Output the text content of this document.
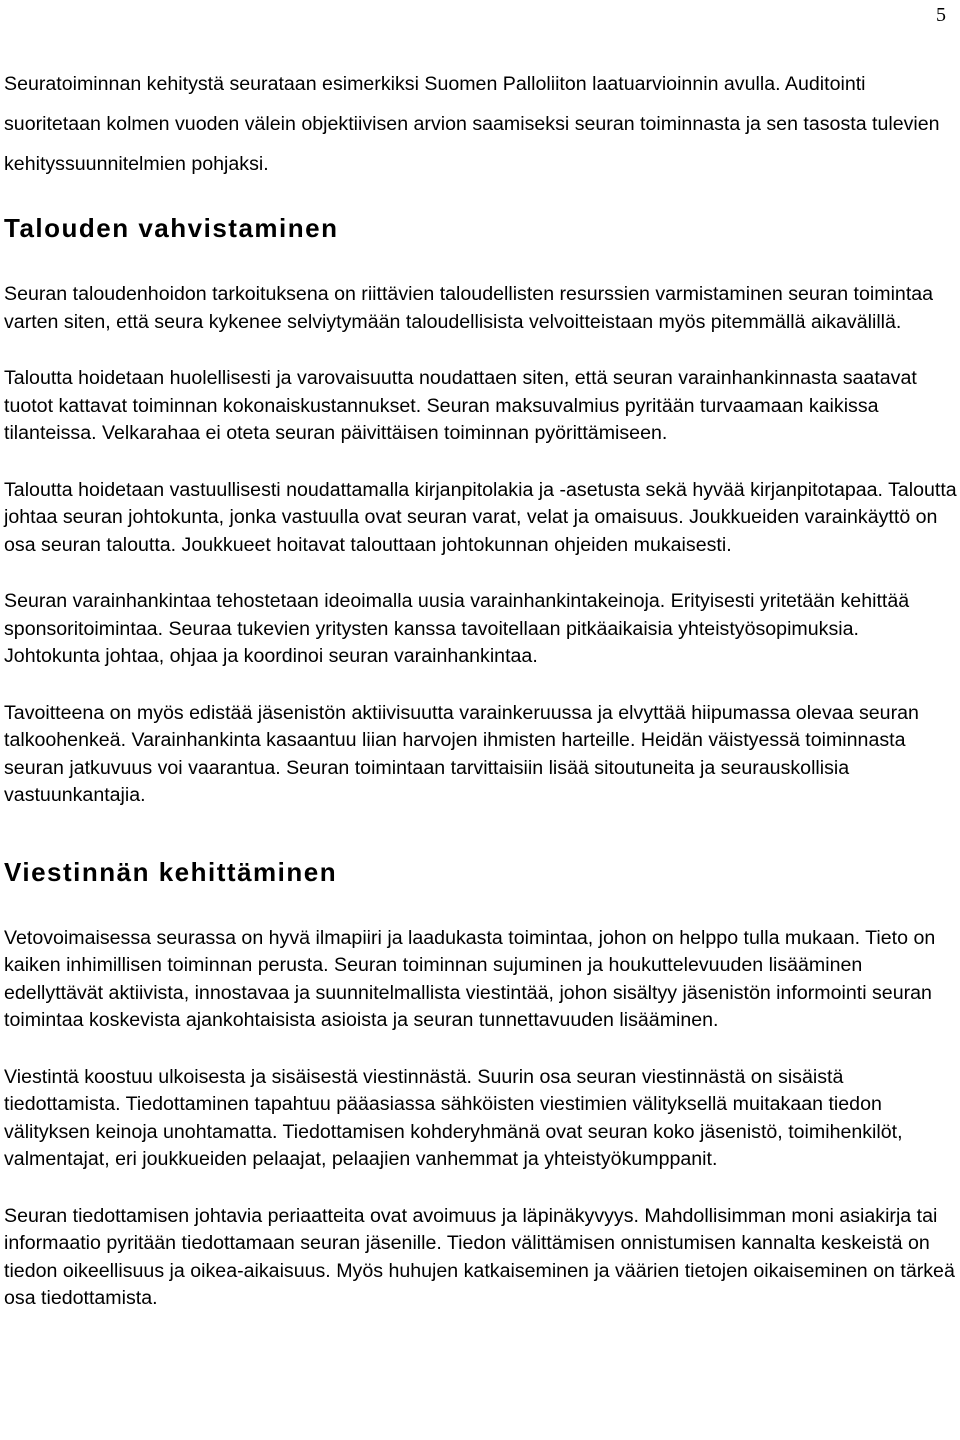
5

Seuratoiminnan kehitystä seurataan esimerkiksi Suomen Palloliiton laatuarvioinnin avulla. Auditointi suoritetaan kolmen vuoden välein objektiivisen arvion saamiseksi seuran toiminnasta ja sen tasosta tulevien kehityssuunnitelmien pohjaksi.

Talouden vahvistaminen

Seuran taloudenhoidon tarkoituksena on riittävien taloudellisten resurssien varmistaminen seuran toimintaa varten siten, että seura kykenee selviytymään taloudellisista velvoitteistaan myös pitemmällä aikavälillä.

Taloutta hoidetaan huolellisesti ja varovaisuutta noudattaen siten, että seuran varainhankinnasta saatavat tuotot kattavat toiminnan kokonaiskustannukset. Seuran maksuvalmius pyritään turvaamaan kaikissa tilanteissa. Velkarahaa ei oteta seuran päivittäisen toiminnan pyörittämiseen.

Taloutta hoidetaan vastuullisesti noudattamalla kirjanpitolakia ja -asetusta sekä hyvää kirjanpitotapaa. Taloutta johtaa seuran johtokunta, jonka vastuulla ovat seuran varat, velat ja omaisuus. Joukkueiden varainkäyttö on osa seuran taloutta. Joukkueet hoitavat talouttaan johtokunnan ohjeiden mukaisesti.

Seuran varainhankintaa tehostetaan ideoimalla uusia varainhankintakeinoja. Erityisesti yritetään kehittää sponsoritoimintaa. Seuraa tukevien yritysten kanssa tavoitellaan pitkäaikaisia yhteistyösopimuksia. Johtokunta johtaa, ohjaa ja koordinoi seuran varainhankintaa.

Tavoitteena on myös edistää jäsenistön aktiivisuutta varainkeruussa ja elvyttää hiipumassa olevaa seuran talkoohenkeä. Varainhankinta kasaantuu liian harvojen ihmisten harteille. Heidän väistyessä toiminnasta seuran jatkuvuus voi vaarantua. Seuran toimintaan tarvittaisiin lisää sitoutuneita ja seurauskollisia vastuunkantajia.

Viestinnän kehittäminen

Vetovoimaisessa seurassa on hyvä ilmapiiri ja laadukasta toimintaa, johon on helppo tulla mukaan. Tieto on kaiken inhimillisen toiminnan perusta. Seuran toiminnan sujuminen ja houkuttelevuuden lisääminen edellyttävät aktiivista, innostavaa ja suunnitelmallista viestintää, johon sisältyy jäsenistön informointi seuran toimintaa koskevista ajankohtaisista asioista ja seuran tunnettavuuden lisääminen.

Viestintä koostuu ulkoisesta ja sisäisestä viestinnästä. Suurin osa seuran viestinnästä on sisäistä tiedottamista. Tiedottaminen tapahtuu pääasiassa sähköisten viestimien välityksellä muitakaan tiedon välityksen keinoja unohtamatta. Tiedottamisen kohderyhmänä ovat seuran koko jäsenistö, toimihenkilöt, valmentajat, eri joukkueiden pelaajat, pelaajien vanhemmat ja yhteistyökumppanit.

Seuran tiedottamisen johtavia periaatteita ovat avoimuus ja läpinäkyvyys. Mahdollisimman moni asiakirja tai informaatio pyritään tiedottamaan seuran jäsenille. Tiedon välittämisen onnistumisen kannalta keskeistä on tiedon oikeellisuus ja oikea-aikaisuus. Myös huhujen katkaiseminen ja väärien tietojen oikaiseminen on tärkeä osa tiedottamista.
